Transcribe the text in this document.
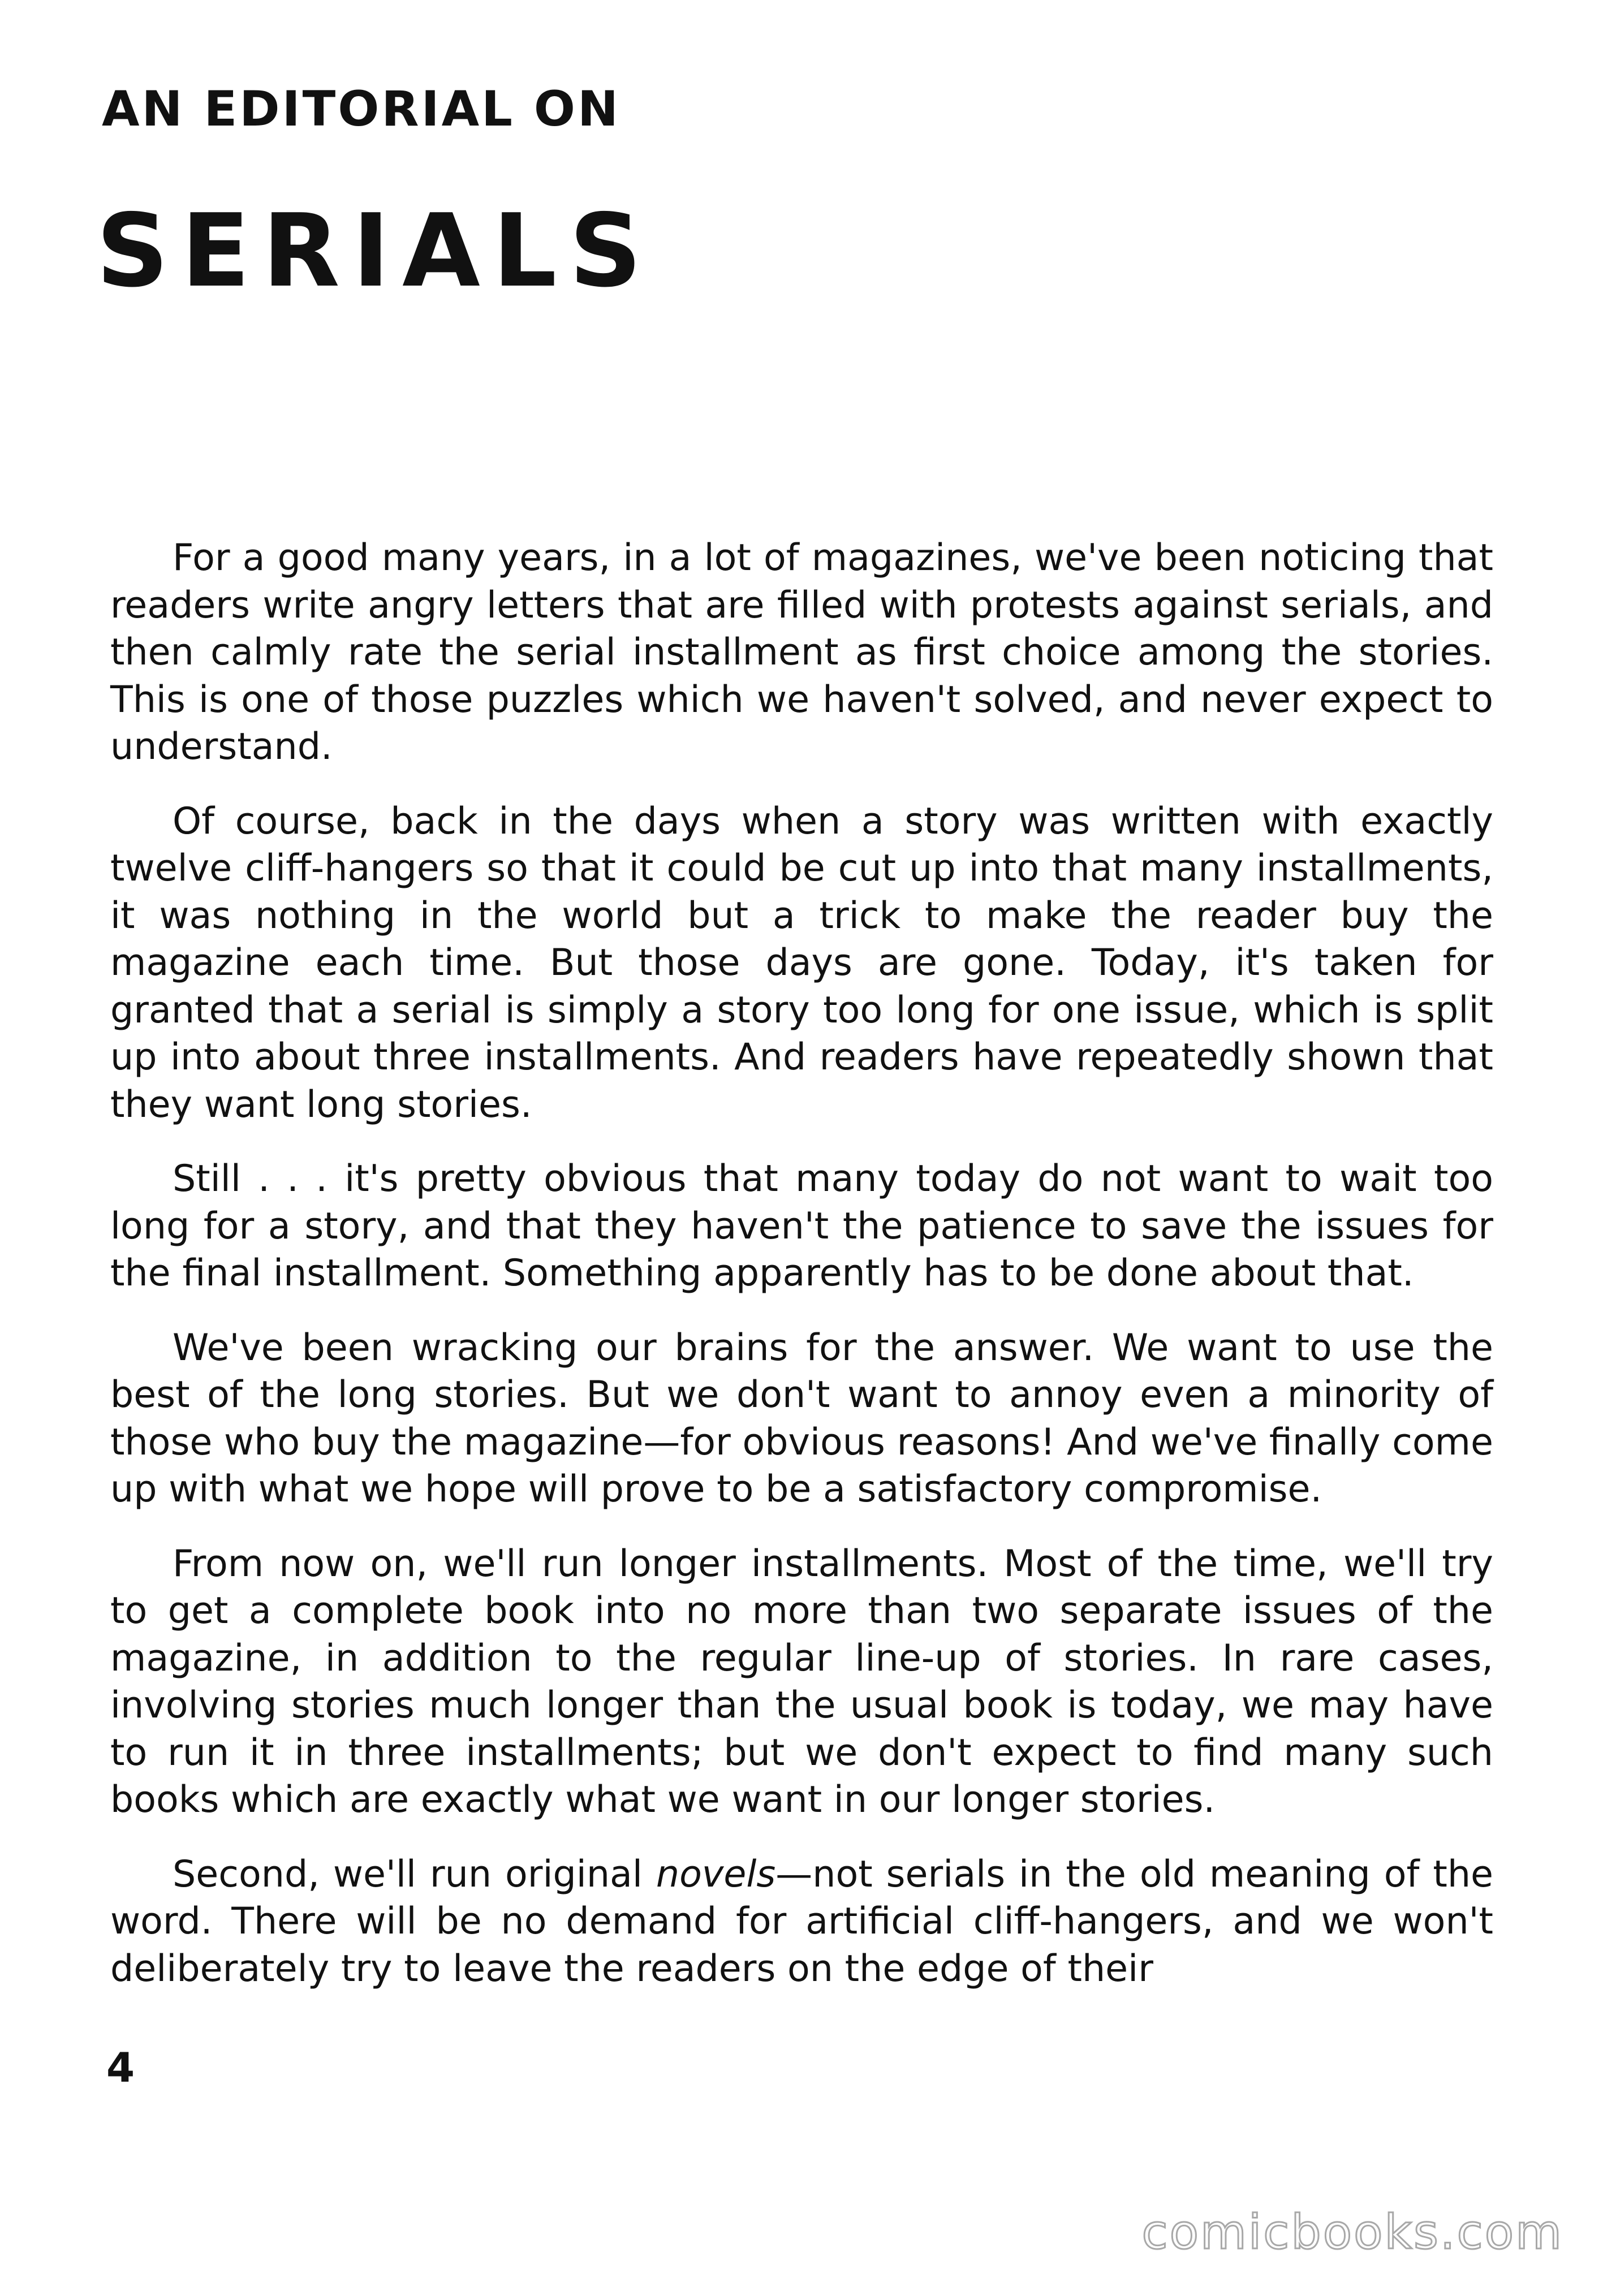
AN EDITORIAL ON
SERIALS

For a good many years, in a lot of magazines, we've been noticing that readers write angry letters that are filled with protests against serials, and then calmly rate the serial installment as first choice among the stories. This is one of those puzzles which we haven't solved, and never expect to understand.

Of course, back in the days when a story was written with exactly twelve cliff-hangers so that it could be cut up into that many installments, it was nothing in the world but a trick to make the reader buy the magazine each time. But those days are gone. Today, it's taken for granted that a serial is simply a story too long for one issue, which is split up into about three installments. And readers have repeatedly shown that they want long stories.

Still . . . it's pretty obvious that many today do not want to wait too long for a story, and that they haven't the patience to save the issues for the final installment. Something apparently has to be done about that.

We've been wracking our brains for the answer. We want to use the best of the long stories. But we don't want to annoy even a minority of those who buy the magazine—for obvious reasons! And we've finally come up with what we hope will prove to be a satisfactory compromise.

From now on, we'll run longer installments. Most of the time, we'll try to get a complete book into no more than two separate issues of the magazine, in addition to the regular line-up of stories. In rare cases, involving stories much longer than the usual book is today, we may have to run it in three installments; but we don't expect to find many such books which are exactly what we want in our longer stories.

Second, we'll run original novels—not serials in the old meaning of the word. There will be no demand for artificial cliff-hangers, and we won't deliberately try to leave the readers on the edge of their

4
comicbooks.com
